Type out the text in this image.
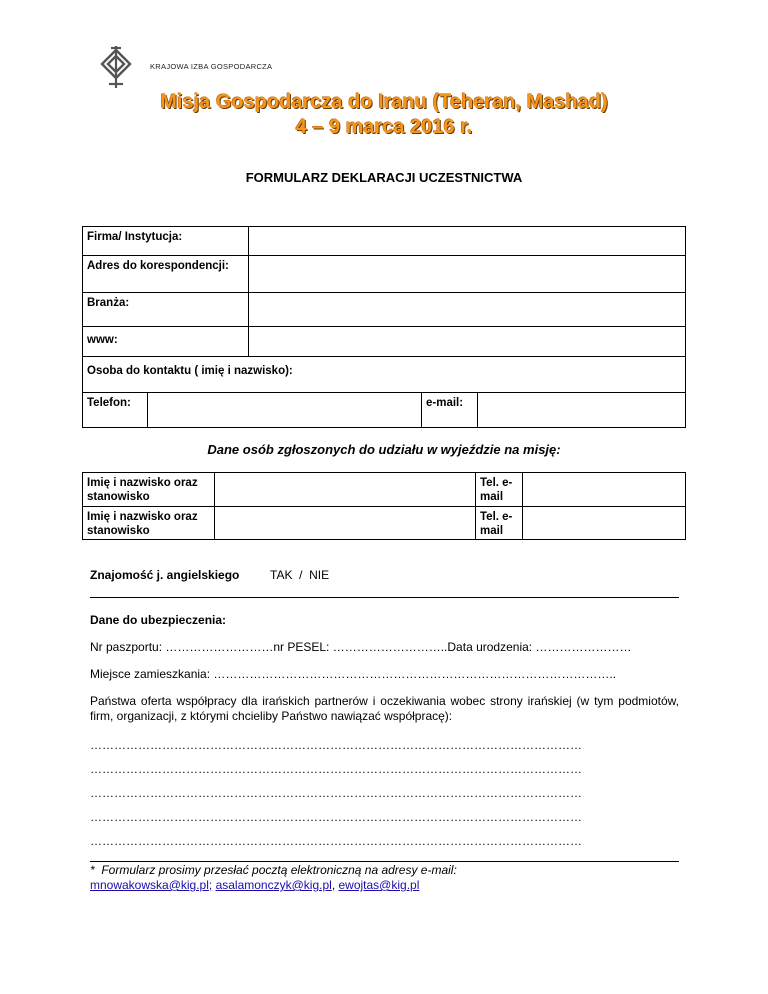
KRAJOWA IZBA GOSPODARCZA
Misja Gospodarcza do Iranu (Teheran, Mashad)
4 – 9 marca 2016 r.
FORMULARZ DEKLARACJI UCZESTNICTWA
Firma/ Instytucja:
Adres do korespondencji:
Branża:
www:
Osoba do kontaktu ( imię i nazwisko):
Telefon:	e-mail:
Dane osób zgłoszonych do udziału w wyjeździe na misję:
Imię i nazwisko oraz stanowisko
Tel. e-mail
Imię i nazwisko oraz stanowisko
Tel. e-mail
Znajomość j. angielskiego	TAK  /  NIE
Dane do ubezpieczenia:
Nr paszportu: ………………………nr PESEL: ………………………..Data urodzenia: ……………………
Miejsce zamieszkania: ………………………………………………………………………………………..
Państwa oferta współpracy dla irańskich partnerów i oczekiwania wobec strony irańskiej (w tym podmiotów, firm, organizacji, z którymi chcieliby Państwo nawiązać współpracę):
……………………………………………………………………………………………………………
……………………………………………………………………………………………………………
……………………………………………………………………………………………………………
……………………………………………………………………………………………………………
……………………………………………………………………………………………………………
*  Formularz prosimy przesłać pocztą elektroniczną na adresy e-mail:
mnowakowska@kig.pl; asalamonczyk@kig.pl, ewojtas@kig.pl
